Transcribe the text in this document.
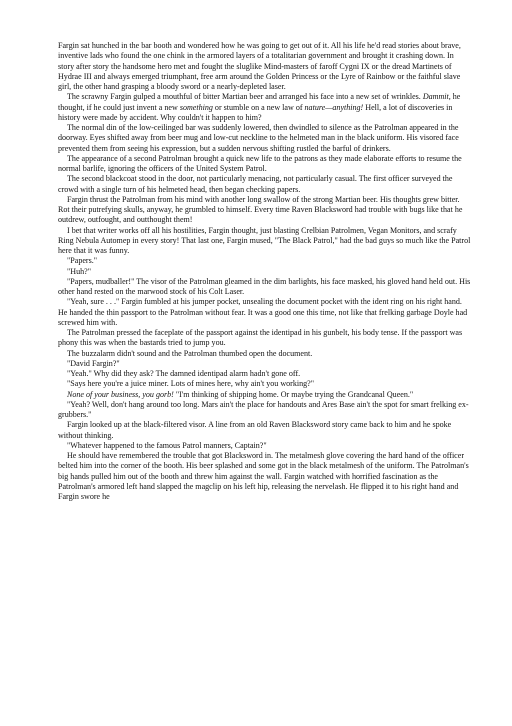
Fargin sat hunched in the bar booth and wondered how he was going to get out of it. All his life he'd read stories about brave, inventive lads who found the one chink in the armored layers of a totalitarian government and brought it crashing down. In story after story the handsome hero met and fought the sluglike Mind-masters of faroff Cygni IX or the dread Martinets of Hydrae III and always emerged triumphant, free arm around the Golden Princess or the Lyre of Rainbow or the faithful slave girl, the other hand grasping a bloody sword or a nearly-depleted laser.

The scrawny Fargin gulped a mouthful of bitter Martian beer and arranged his face into a new set of wrinkles. Dammit, he thought, if he could just invent a new something or stumble on a new law of nature—anything! Hell, a lot of discoveries in history were made by accident. Why couldn't it happen to him?

The normal din of the low-ceilinged bar was suddenly lowered, then dwindled to silence as the Patrolman appeared in the doorway. Eyes shifted away from beer mug and low-cut neckline to the helmeted man in the black uniform. His visored face prevented them from seeing his expression, but a sudden nervous shifting rustled the barful of drinkers.

The appearance of a second Patrolman brought a quick new life to the patrons as they made elaborate efforts to resume the normal barlife, ignoring the officers of the United System Patrol.

The second blackcoat stood in the door, not particularly menacing, not particularly casual. The first officer surveyed the crowd with a single turn of his helmeted head, then began checking papers.

Fargin thrust the Patrolman from his mind with another long swallow of the strong Martian beer. His thoughts grew bitter. Rot their putrefying skulls, anyway, he grumbled to himself. Every time Raven Blacksword had trouble with bugs like that he outdrew, outfought, and outthought them!

I bet that writer works off all his hostilities, Fargin thought, just blasting Crelbian Patrolmen, Vegan Monitors, and scrafy Ring Nebula Automep in every story! That last one, Fargin mused, "The Black Patrol," had the bad guys so much like the Patrol here that it was funny.

"Papers."

"Huh?"

"Papers, mudballer!" The visor of the Patrolman gleamed in the dim barlights, his face masked, his gloved hand held out. His other hand rested on the marwood stock of his Colt Laser.

"Yeah, sure . . ." Fargin fumbled at his jumper pocket, unsealing the document pocket with the ident ring on his right hand. He handed the thin passport to the Patrolman without fear. It was a good one this time, not like that frelking garbage Doyle had screwed him with.

The Patrolman pressed the faceplate of the passport against the identipad in his gunbelt, his body tense. If the passport was phony this was when the bastards tried to jump you.

The buzzalarm didn't sound and the Patrolman thumbed open the document.

"David Fargin?"

"Yeah." Why did they ask? The damned identipad alarm hadn't gone off.

"Says here you're a juice miner. Lots of mines here, why ain't you working?"

None of your business, you gorb! "I'm thinking of shipping home. Or maybe trying the Grandcanal Queen."

"Yeah? Well, don't hang around too long. Mars ain't the place for handouts and Ares Base ain't the spot for smart frelking ex-grubbers."

Fargin looked up at the black-filtered visor. A line from an old Raven Blacksword story came back to him and he spoke without thinking.

"Whatever happened to the famous Patrol manners, Captain?"

He should have remembered the trouble that got Blacksword in. The metalmesh glove covering the hard hand of the officer belted him into the corner of the booth. His beer splashed and some got in the black metalmesh of the uniform. The Patrolman's big hands pulled him out of the booth and threw him against the wall. Fargin watched with horrified fascination as the Patrolman's armored left hand slapped the magclip on his left hip, releasing the nervelash. He flipped it to his right hand and Fargin swore he
